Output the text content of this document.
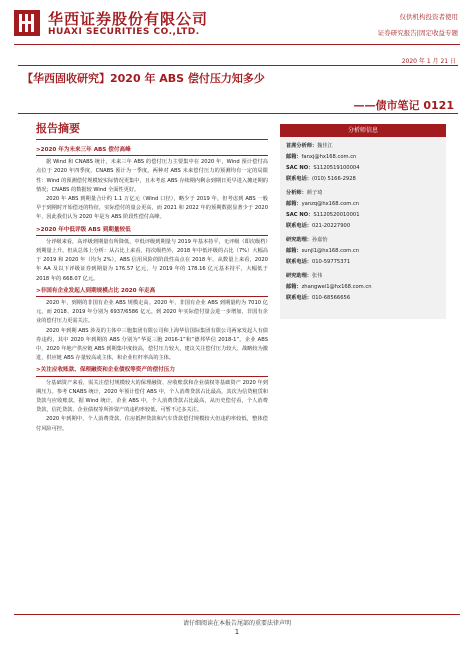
华西证券股份有限公司
HUAXI SECURITIES CO.,LTD.
仅供机构投资者使用
证券研究报告|固定收益专题
2020 年 1 月 21 日
【华西固收研究】2020 年 ABS 偿付压力知多少
——债市笔记 0121
报告摘要
>2020 年为未来三年 ABS 偿付高峰
据 Wind 和 CNABS 统计，未来三年 ABS 的偿付压力主要集中在 2020 年，Wind 预计偿付高点位于 2020 年四季度，CNABS 预计为一季度。两种对 ABS 未来偿付压力的预测均有一定的局限性：Wind 的预测偿付规模较实际情况更集中，且未考虑 ABS 存续期内剩余到期日更早进入摊还期的情况；CNABS 的数据较 Wind 全面性更好。
2020 年 ABS 到期量合计约 1.1 万亿元（Wind 口径），略少于 2019 年，但考虑到 ABS 一般早于到期时开始偿还的特征，实际偿付的量会更高，而 2021 和 2022 年的预期数据显著少于 2020 年，因此我们认为 2020 年是为 ABS 阶段性偿付高峰。
>2020 年中低评级 ABS 到期量较低
分评级来看，高评级到期量有所降低，中低评级到期量与 2019 年基本持平，无评级（即次级档）到期量上升。但从总体上分析：从占比上来看，持次级档外，2018 年中低评级的占比（7%）大幅高于 2019 和 2020 年（均为 2%），ABS 信用风险的阶段性高点在 2018 年。从数量上来看，2020 年 AA 及以下评级证券到期量为 176.57 亿元，与 2019 年的 178.16 亿元基本持平，大幅低于 2018 年的 668.07 亿元。
>非国有企业发起人到期规模占比 2020 年走高
2020 年，到期的非国有企业 ABS 规模走高。2020 年，非国有企业 ABS 到期量约为 7010 亿元，而 2018、2019 年分别为 6937/6586 亿元。到 2020 年实际偿付量会进一步增加，非国有企业的偿付压力更需关注。
2020 年到期 ABS 涉及的主体中三胞集团有限公司和上海华信国际集团有限公司两家发起人有债券违约，其中 2020 年到期的 ABS 分别为“华夏三胞 2016-1”和“德邦华信 2018-1”。企业 ABS 中，2020 年地产供应链 ABS 到期集中度较高，偿付压力较大，建议关注偿付压力较大、战略较为激进，供应链 ABS 存量较高或主体，和企业杠杆率高的主体。
>关注应收账款、保理融资和企业债权等资产的偿付压力
分基础资产来看，需关注偿付规模较大的保理融资、应收账款和企业债权等基础资产 2020 年到期压力。参考 CNABS 统计，2020 年预计偿付 ABS 中，个人消费贷款占比最高，其次为信贷租赁和贷款与应收账款，据 Wind 统计，企业 ABS 中，个人消费贷款占比最高，从历史偿付看，个人消费贷款，信托贷款、企业债权等所涉资产的违约率较低，可暂不过多关注。
2020 年到期中，个人消费贷款、住房抵押贷款和汽车贷款偿付规模较大但违约率较低，整体偿付风险可控。
分析师信息
首席分析师：魏佳江
邮箱：fanxj@hx168.com.cn
SAC NO：S1120519100004
联系电话：(010) 5166-2928
分析师：颜子琦
邮箱：yanzq@hx168.com.cn
SAC NO：S1120520010001
联系电话：021-20227900
研究助理：孙嘉怡
邮箱：sunjl1@hx168.com.cn
联系电话：010-59775371
研究助理：张伟
邮箱：zhangwei1@hx168.com.cn
联系电话：010-68566656
请仔细阅读在本报告尾部的重要法律声明
1
